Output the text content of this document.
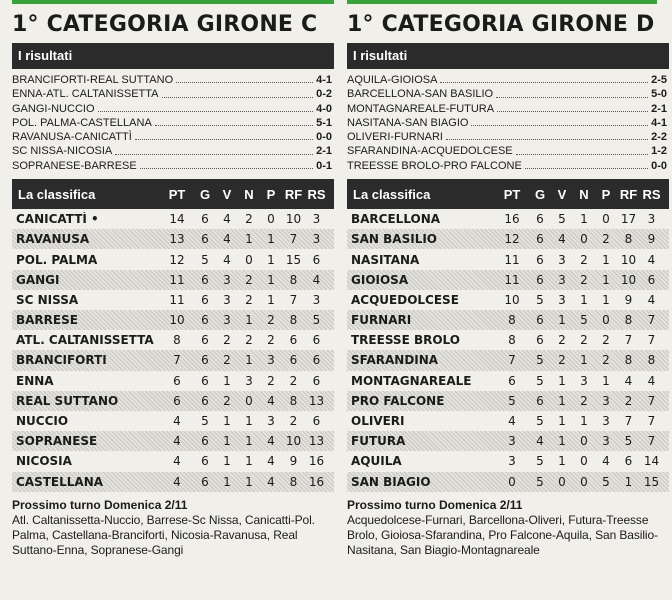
1° CATEGORIA GIRONE C
I risultati
BRANCIFORTI-REAL SUTTANO	4-1
ENNA-ATL. CALTANISSETTA	0-2
GANGI-NUCCIO	4-0
POL. PALMA-CASTELLANA	5-1
RAVANUSA-CANICATTÌ	0-0
SC NISSA-NICOSIA	2-1
SOPRANESE-BARRESE	0-1
La classifica	PT	G V N P RF RS
CANICATTÌ •	14	6	4	2	0 10 3
RAVANUSA	13	6	4	1	1	7	3
POL. PALMA	12	5	4	0	1 15 6
GANGI	11	6	3	2	1	8	4
SC NISSA	11	6	3	2	1	7	3
BARRESE	10	6	3	1	2	8	5
ATL. CALTANISSETTA	8	6	2	2	2	6	6
BRANCIFORTI	7	6	2	1	3	6	6
ENNA	6	6	1	3	2	2	6
REAL SUTTANO	6	6	2	0	4	8 13
NUCCIO	4	5	1	1	3	2	6
SOPRANESE	4	6	1	1	4 10 13
NICOSIA	4	6	1	1	4	9 16
CASTELLANA	4	6	1	1	4	8 16
Prossimo turno Domenica 2/11
Atl. Caltanissetta-Nuccio, Barrese-Sc Nissa, Canicatti-Pol. Palma, Castellana-Branciforti, Nicosia-Ravanusa, Real Suttano-Enna, Sopranese-Gangi
1° CATEGORIA GIRONE D
I risultati
AQUILA-GIOIOSA	2-5
BARCELLONA-SAN BASILIO	5-0
MONTAGNAREALE-FUTURA	2-1
NASITANA-SAN BIAGIO	4-1
OLIVERI-FURNARI	2-2
SFARANDINA-ACQUEDOLCESE	1-2
TREESSE BROLO-PRO FALCONE	0-0
La classifica	PT	G V N P RF RS
BARCELLONA	16	6	5	1	0 17 3
SAN BASILIO	12	6	4	0	2	8	9
NASITANA	11	6	3	2	1 10 4
GIOIOSA	11	6	3	2	1 10 6
ACQUEDOLCESE	10	5	3	1	1	9	4
FURNARI	8	6	1	5	0	8	7
TREESSE BROLO	8	6	2	2	2	7	7
SFARANDINA	7	5	2	1	2	8	8
MONTAGNAREALE	6	5	1	3	1	4	4
PRO FALCONE	5	6	1	2	3	2	7
OLIVERI	4	5	1	1	3	7	7
FUTURA	3	4	1	0	3	5	7
AQUILA	3	5	1	0	4	6 14
SAN BIAGIO	0	5	0	0	5	1 15
Prossimo turno Domenica 2/11
Acquedolcese-Furnari, Barcellona-Oliveri, Futura-Treesse Brolo, Gioiosa-Sfarandina, Pro Falcone-Aquila, San Basilio-Nasitana, San Biagio-Montagnareale
